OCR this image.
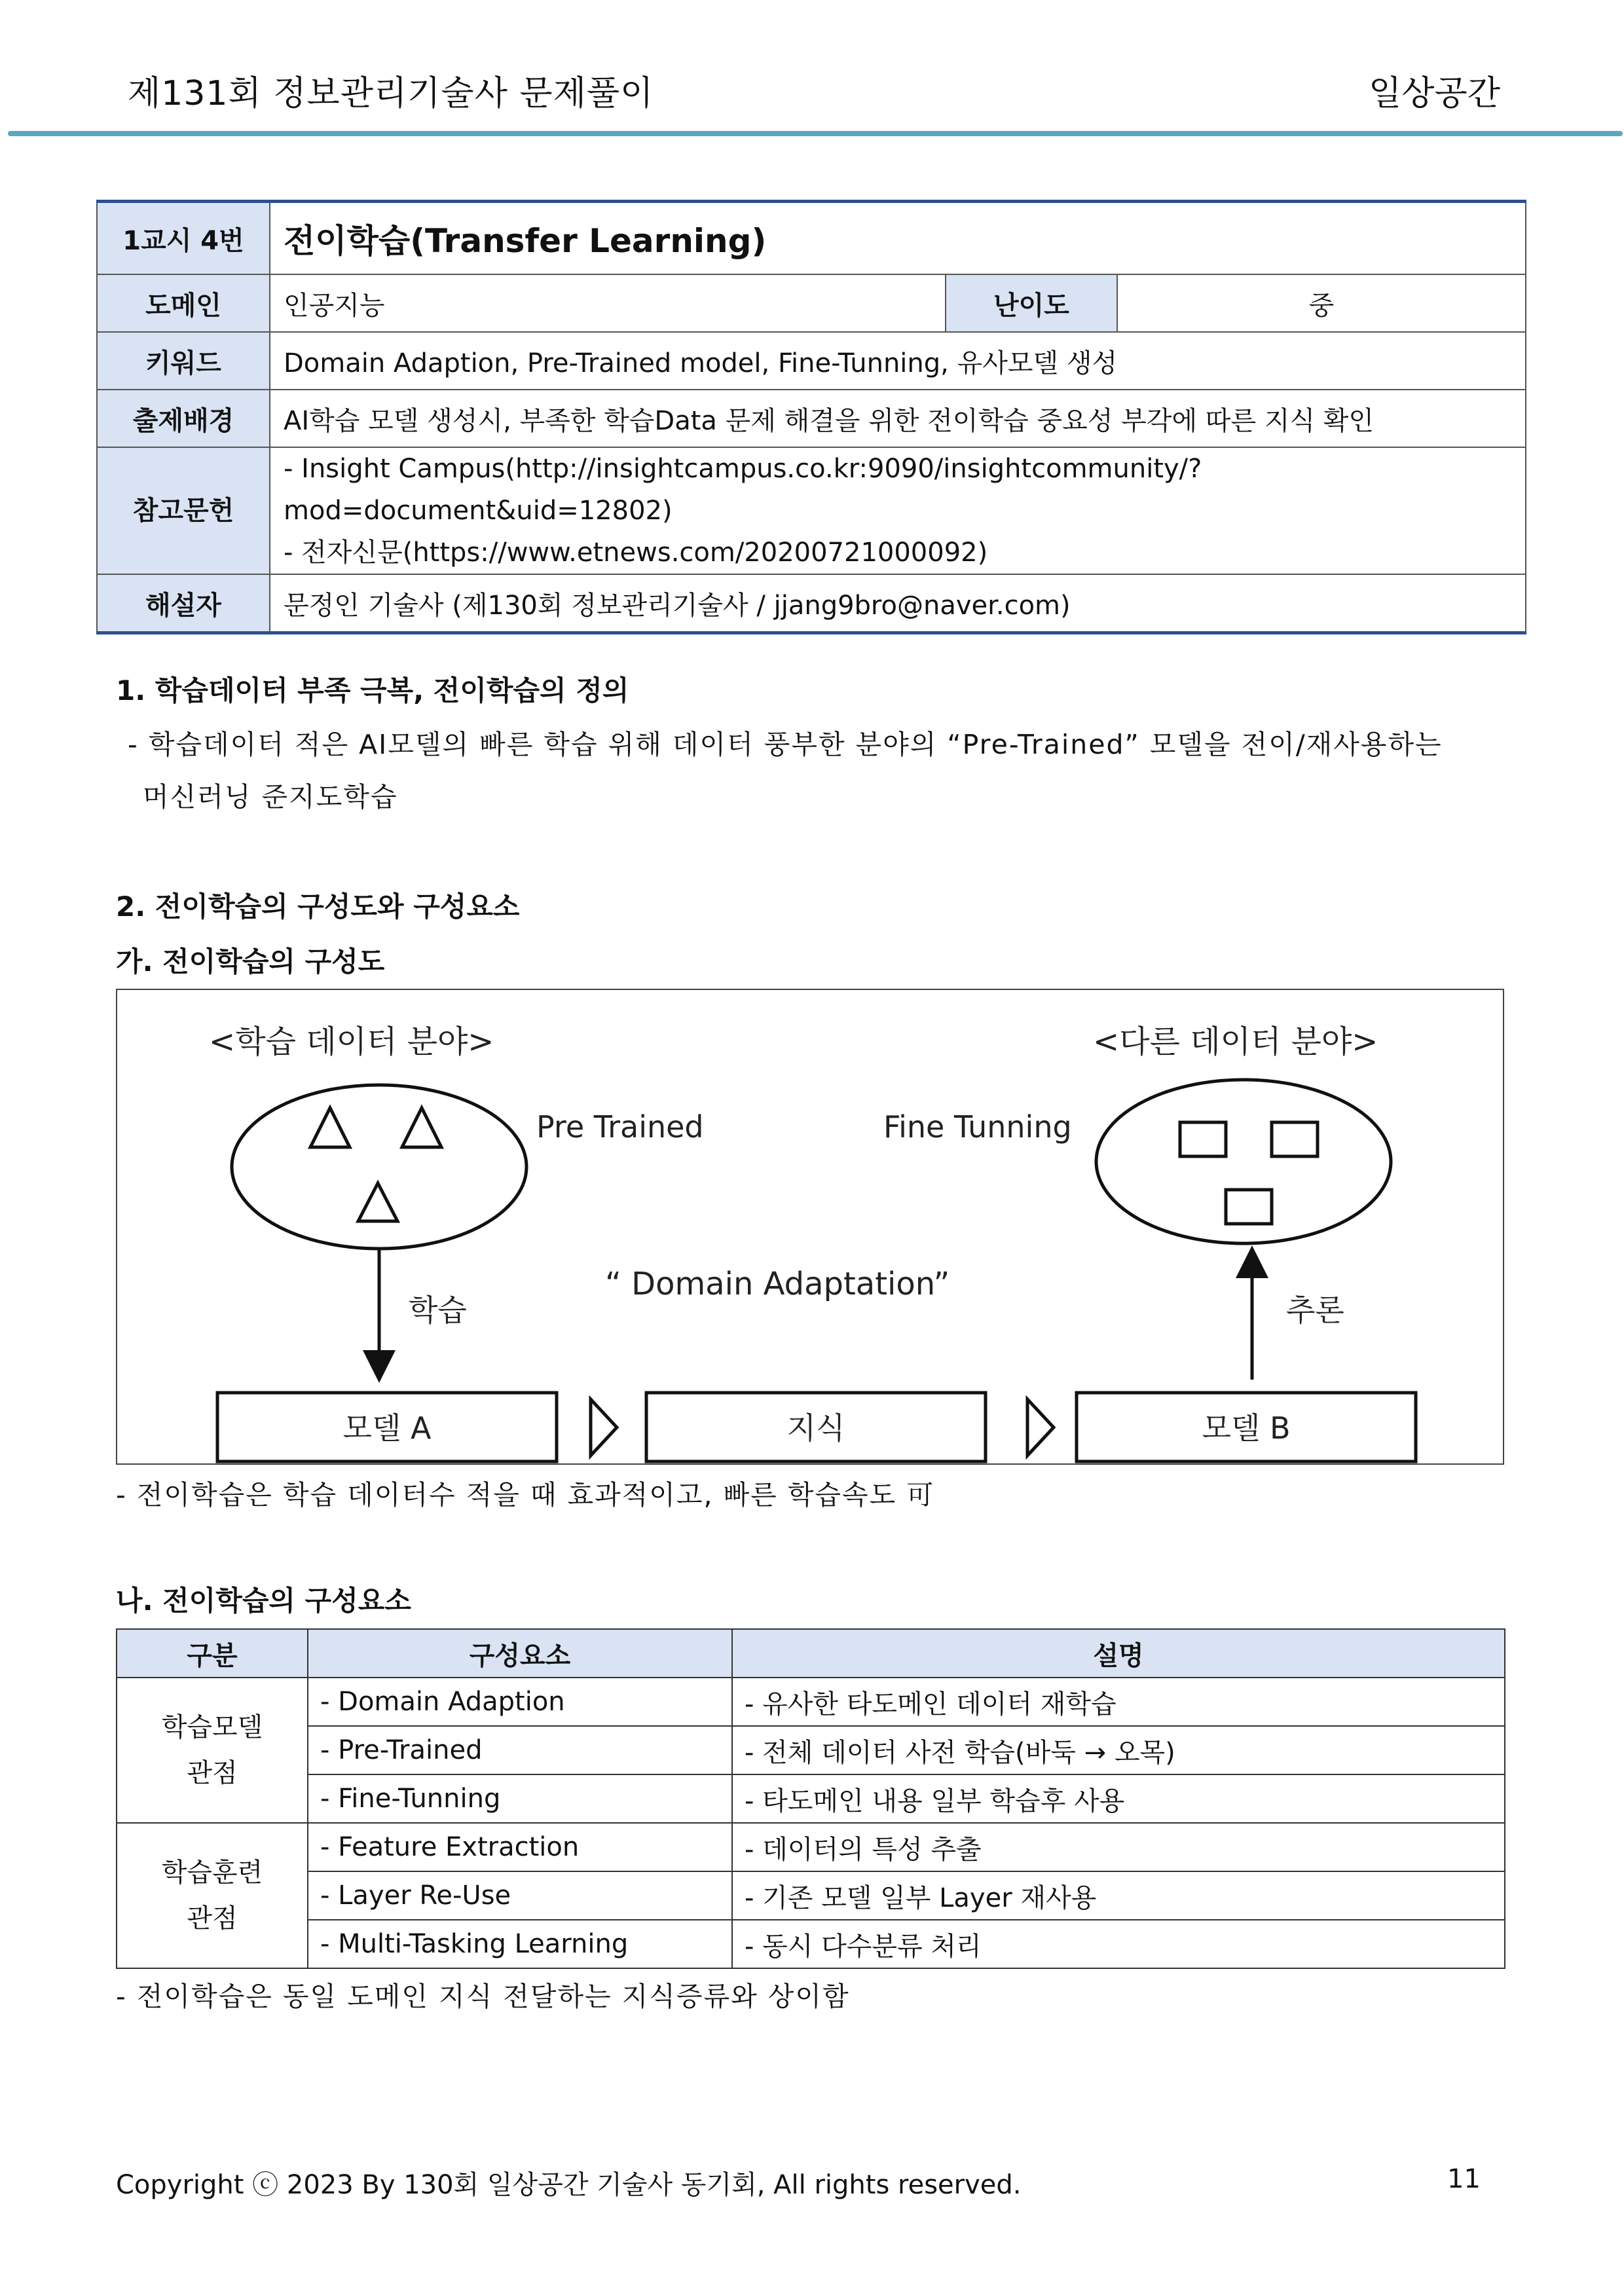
제131회 정보관리기술사 문제풀이	일상공간
1교시 4번	전이학습(Transfer Learning)		
도메인	인공지능	난이도	중
키워드	Domain Adaption, Pre-Trained model, Fine-Tunning, 유사모델 생성		
출제배경	AI학습 모델 생성시, 부족한 학습Data 문제 해결을 위한 전이학습 중요성 부각에 따른 지식 확인		
참고문헌	- Insight Campus(http://insightcampus.co.kr:9090/insightcommunity/?mod=document&uid=12802)
- 전자신문(https://www.etnews.com/20200721000092)		

해설자	문정인 기술사 (제130회 정보관리기술사 / jjang9bro@naver.com)		
1. 학습데이터 부족 극복, 전이학습의 정의
- 학습데이터 적은 AI모델의 빠른 학습 위해 데이터 풍부한 분야의 “Pre-Trained” 모델을 전이/재사용하는
머신러닝 준지도학습
2. 전이학습의 구성도와 구성요소
가. 전이학습의 구성도
<학습 데이터 분야>	<다른 데이터 분야>
Pre Trained	Fine Tunning
“ Domain Adaptation”
학습	추론
모델 A	지식	모델 B
- 전이학습은 학습 데이터수 적을 때 효과적이고, 빠른 학습속도 可
나. 전이학습의 구성요소
구분	구성요소	설명

학습모델
관점	- Domain Adaption	- 유사한 타도메인 데이터 재학습
	- Pre-Trained	- 전체 데이터 사전 학습(바둑 → 오목)
	- Fine-Tunning	- 타도메인 내용 일부 학습후 사용

학습훈련
관점	- Feature Extraction	- 데이터의 특성 추출
	- Layer Re-Use	- 기존 모델 일부 Layer 재사용
	- Multi-Tasking Learning	- 동시 다수분류 처리
- 전이학습은 동일 도메인 지식 전달하는 지식증류와 상이함
Copyright ⓒ 2023 By 130회 일상공간 기술사 동기회, All rights reserved.	11
